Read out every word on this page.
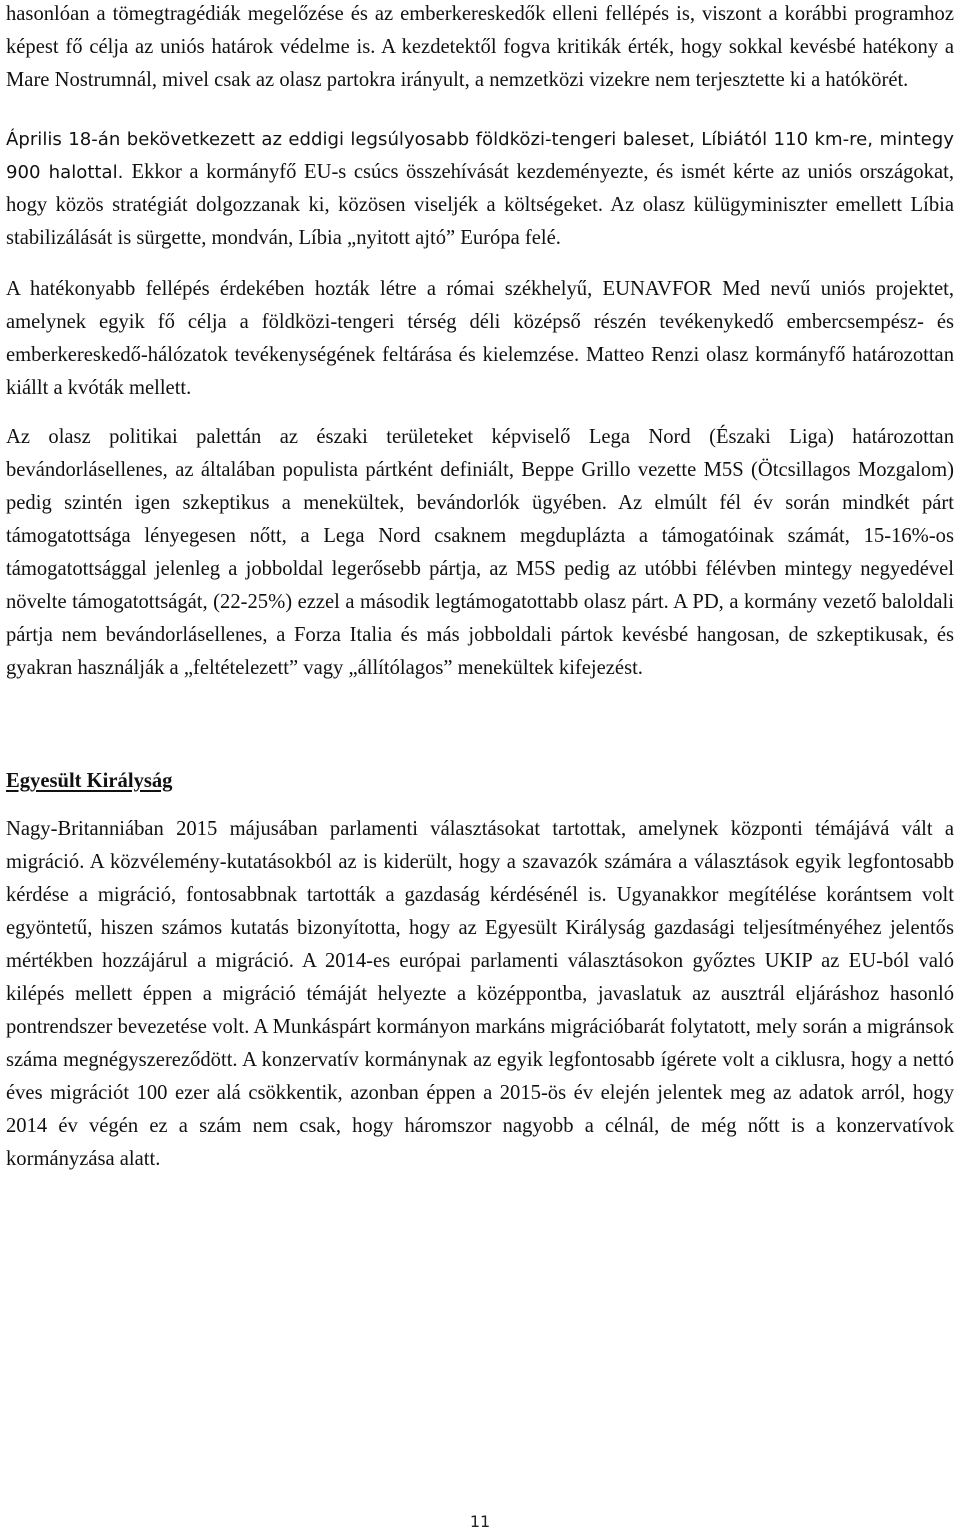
hasonlóan a tömegtragédiák megelőzése és az emberkereskedők elleni fellépés is, viszont a korábbi programhoz képest fő célja az uniós határok védelme is. A kezdetektől fogva kritikák érték, hogy sokkal kevésbé hatékony a Mare Nostrumnál, mivel csak az olasz partokra irányult, a nemzetközi vizekre nem terjesztette ki a hatókörét.

Április 18-án bekövetkezett az eddigi legsúlyosabb földközi-tengeri baleset, Líbiától 110 km-re, mintegy 900 halottal. Ekkor a kormányfő EU-s csúcs összehívását kezdeményezte, és ismét kérte az uniós országokat, hogy közös stratégiát dolgozzanak ki, közösen viseljék a költségeket. Az olasz külügyminiszter emellett Líbia stabilizálását is sürgette, mondván, Líbia „nyitott ajtó” Európa felé.

A hatékonyabb fellépés érdekében hozták létre a római székhelyű, EUNAVFOR Med nevű uniós projektet, amelynek egyik fő célja a földközi-tengeri térség déli középső részén tevékenykedő embercsempész- és emberkereskedő-hálózatok tevékenységének feltárása és kielemzése. Matteo Renzi olasz kormányfő határozottan kiállt a kvóták mellett.

Az olasz politikai palettán az északi területeket képviselő Lega Nord (Északi Liga) határozottan bevándorlásellenes, az általában populista pártként definiált, Beppe Grillo vezette M5S (Ötcsillagos Mozgalom) pedig szintén igen szkeptikus a menekültek, bevándorlók ügyében. Az elmúlt fél év során mindkét párt támogatottsága lényegesen nőtt, a Lega Nord csaknem megduplázta a támogatóinak számát, 15-16%-os támogatottsággal jelenleg a jobboldal legerősebb pártja, az M5S pedig az utóbbi félévben mintegy negyedével növelte támogatottságát, (22-25%) ezzel a második legtámogatottabb olasz párt. A PD, a kormány vezető baloldali pártja nem bevándorlásellenes, a Forza Italia és más jobboldali pártok kevésbé hangosan, de szkeptikusak, és gyakran használják a „feltételezett” vagy „állítólagos” menekültek kifejezést.

Egyesült Királyság

Nagy-Britanniában 2015 májusában parlamenti választásokat tartottak, amelynek központi témájává vált a migráció. A közvélemény-kutatásokból az is kiderült, hogy a szavazók számára a választások egyik legfontosabb kérdése a migráció, fontosabbnak tartották a gazdaság kérdésénél is. Ugyanakkor megítélése korántsem volt egyöntetű, hiszen számos kutatás bizonyította, hogy az Egyesült Királyság gazdasági teljesítményéhez jelentős mértékben hozzájárul a migráció. A 2014-es európai parlamenti választásokon győztes UKIP az EU-ból való kilépés mellett éppen a migráció témáját helyezte a középpontba, javaslatuk az ausztrál eljáráshoz hasonló pontrendszer bevezetése volt. A Munkáspárt kormányon markáns migrációbarát folytatott, mely során a migránsok száma megnégyszereződött. A konzervatív kormánynak az egyik legfontosabb ígérete volt a ciklusra, hogy a nettó éves migrációt 100 ezer alá csökkentik, azonban éppen a 2015-ös év elején jelentek meg az adatok arról, hogy 2014 év végén ez a szám nem csak, hogy háromszor nagyobb a célnál, de még nőtt is a konzervatívok kormányzása alatt.

11
